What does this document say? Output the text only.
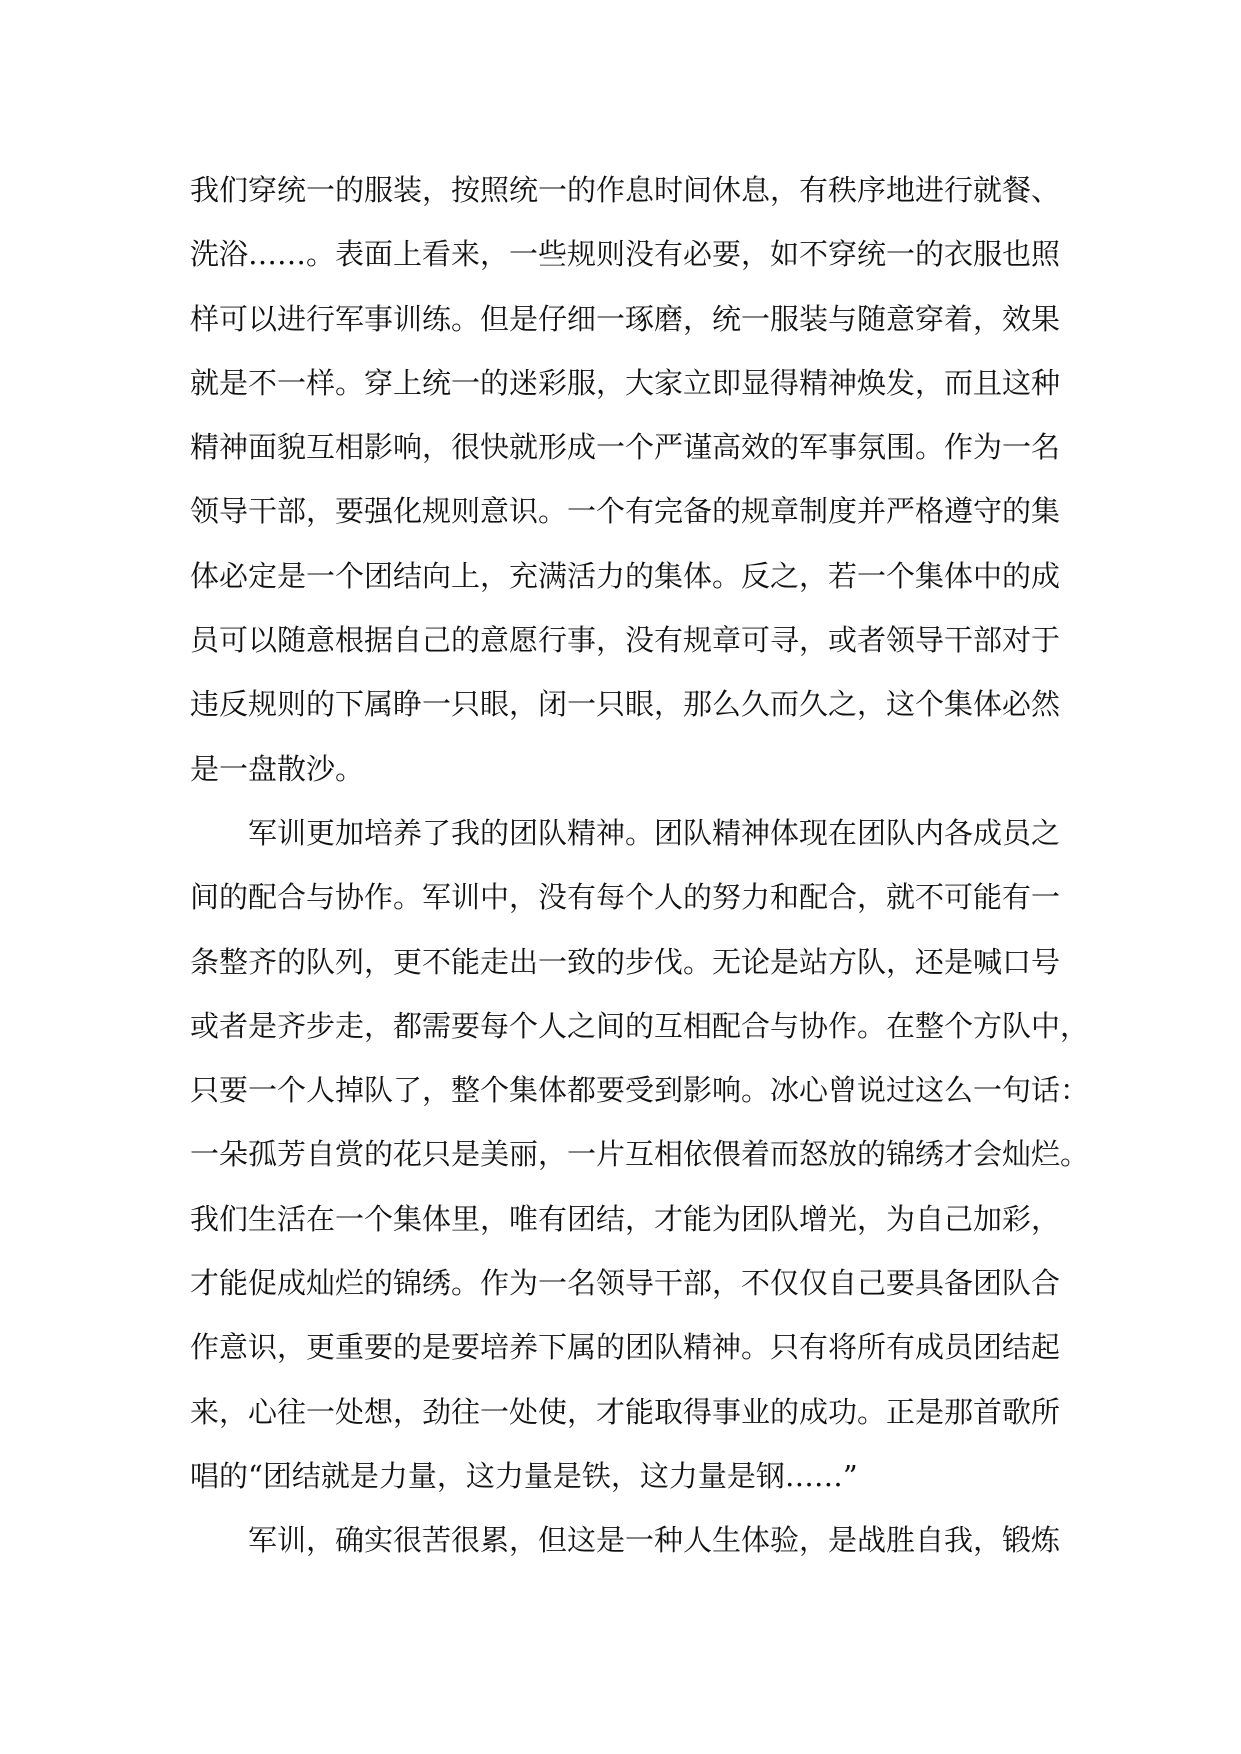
我们穿统一的服装，按照统一的作息时间休息，有秩序地进行就餐、
洗浴……。表面上看来，一些规则没有必要，如不穿统一的衣服也照
样可以进行军事训练。但是仔细一琢磨，统一服装与随意穿着，效果
就是不一样。穿上统一的迷彩服，大家立即显得精神焕发，而且这种
精神面貌互相影响，很快就形成一个严谨高效的军事氛围。作为一名
领导干部，要强化规则意识。一个有完备的规章制度并严格遵守的集
体必定是一个团结向上，充满活力的集体。反之，若一个集体中的成
员可以随意根据自己的意愿行事，没有规章可寻，或者领导干部对于
违反规则的下属睁一只眼，闭一只眼，那么久而久之，这个集体必然
是一盘散沙。
军训更加培养了我的团队精神。团队精神体现在团队内各成员之
间的配合与协作。军训中，没有每个人的努力和配合，就不可能有一
条整齐的队列，更不能走出一致的步伐。无论是站方队，还是喊口号
或者是齐步走，都需要每个人之间的互相配合与协作。在整个方队中，
只要一个人掉队了，整个集体都要受到影响。冰心曾说过这么一句话：
一朵孤芳自赏的花只是美丽，一片互相依偎着而怒放的锦绣才会灿烂。
我们生活在一个集体里，唯有团结，才能为团队增光，为自己加彩，
才能促成灿烂的锦绣。作为一名领导干部，不仅仅自己要具备团队合
作意识，更重要的是要培养下属的团队精神。只有将所有成员团结起
来，心往一处想，劲往一处使，才能取得事业的成功。正是那首歌所
唱的“团结就是力量，这力量是铁，这力量是钢……”
军训，确实很苦很累，但这是一种人生体验，是战胜自我，锻炼
